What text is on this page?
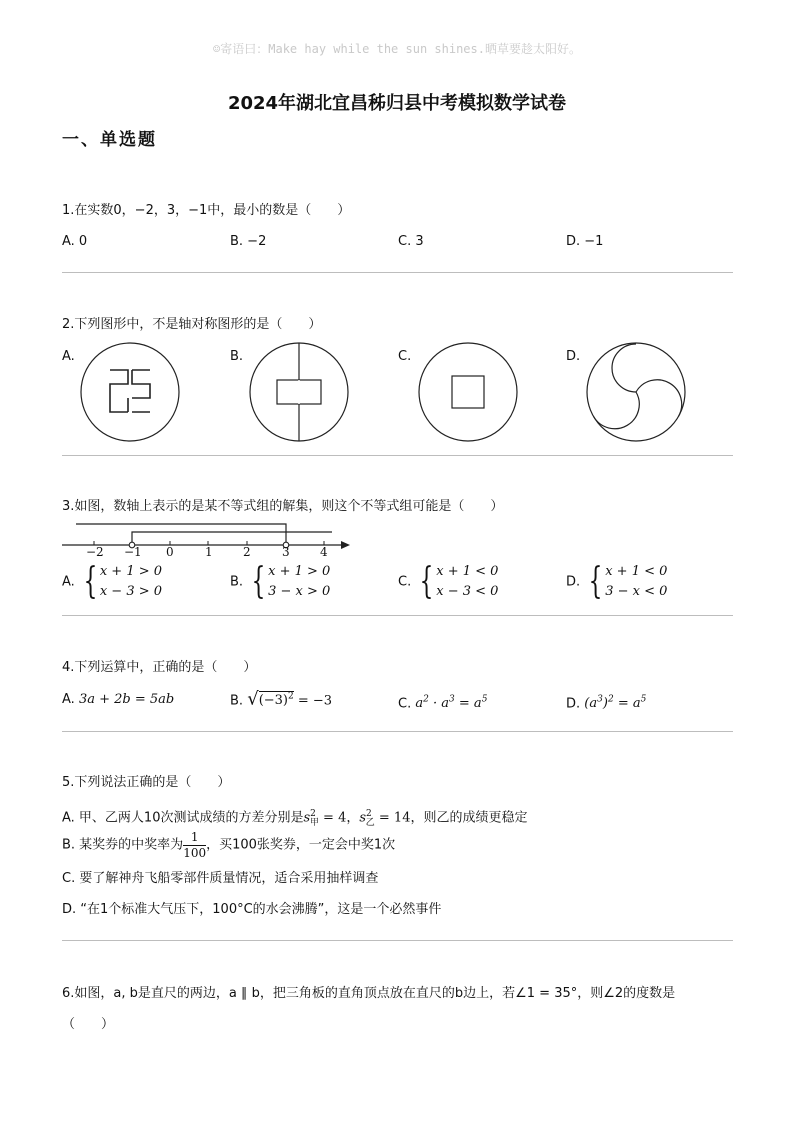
☺寄语曰：Make hay while the sun shines.晒草要趁太阳好。
2024年湖北宜昌秭归县中考模拟数学试卷
一、单选题
1.在实数0，−2，3，−1中，最小的数是（　　）
A. 0	B. −2	C. 3	D. −1
2.下列图形中，不是轴对称图形的是（　　）
A.	B.	C.	D.
3.如图，数轴上表示的是某不等式组的解集，则这个不等式组可能是（　　）
−2 −1 0	1	2	3	4
A. { x + 1 > 0
x − 3 > 0
B. { x + 1 > 0
3 − x > 0
C. { x + 1 < 0
x − 3 < 0
D. { x + 1 < 0
3 − x < 0
4.下列运算中，正确的是（　　）
A. 3a + 2b = 5ab	B. $√(-3)^2 = -3$	C. $a^2 \cdot a^3 = a^5$	D. $(a^3)^2 = a^5$
5.下列说法正确的是（　　）
A. 甲、乙两人10次测试成绩的方差分别是$s^2_甲 = 4$，$s^2_乙 = 14$，则乙的成绩更稳定
B. 某奖券的中奖率为 $\frac{1}{100}$ ，买100张奖券，一定会中奖1次
C. 要了解神舟飞船零部件质量情况，适合采用抽样调查
D. “在1个标准大气压下，100°C的水会沸腾”，这是一个必然事件
6.如图，a, b是直尺的两边，a ∥ b，把三角板的直角顶点放在直尺的b边上，若∠1 = 35°，则∠2的度数是
（　　）
